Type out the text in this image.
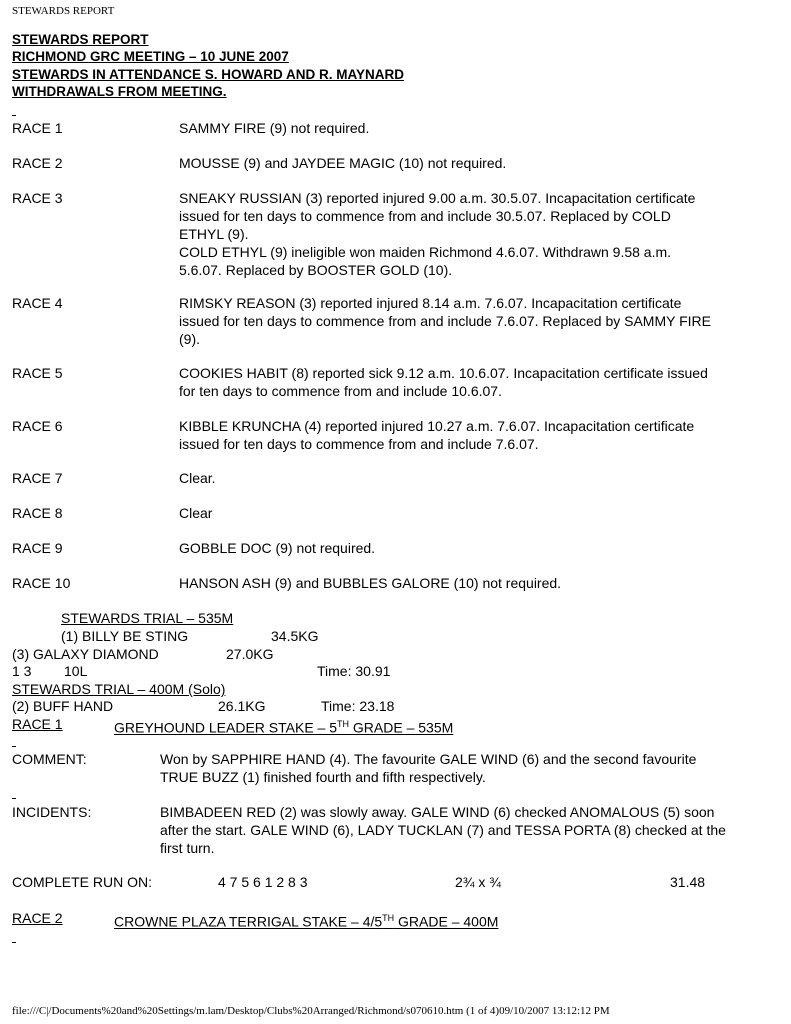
STEWARDS REPORT
STEWARDS REPORT
RICHMOND GRC MEETING – 10 JUNE 2007
STEWARDS IN ATTENDANCE S. HOWARD AND R. MAYNARD
WITHDRAWALS FROM MEETING.
RACE 1	SAMMY FIRE (9) not required.
RACE 2	MOUSSE (9) and JAYDEE MAGIC (10) not required.
RACE 3	SNEAKY RUSSIAN (3) reported injured 9.00 a.m. 30.5.07. Incapacitation certificate
issued for ten days to commence from and include 30.5.07. Replaced by COLD
ETHYL (9).
COLD ETHYL (9) ineligible won maiden Richmond 4.6.07. Withdrawn 9.58 a.m.
5.6.07. Replaced by BOOSTER GOLD (10).
RACE 4	RIMSKY REASON (3) reported injured 8.14 a.m. 7.6.07. Incapacitation certificate
issued for ten days to commence from and include 7.6.07. Replaced by SAMMY FIRE
(9).
RACE 5	COOKIES HABIT (8) reported sick 9.12 a.m. 10.6.07. Incapacitation certificate issued
for ten days to commence from and include 10.6.07.
RACE 6	KIBBLE KRUNCHA (4) reported injured 10.27 a.m. 7.6.07. Incapacitation certificate
issued for ten days to commence from and include 7.6.07.
RACE 7	Clear.
RACE 8	Clear
RACE 9	GOBBLE DOC (9) not required.
RACE 10	HANSON ASH (9) and BUBBLES GALORE (10) not required.
STEWARDS TRIAL – 535M
(1) BILLY BE STING	34.5KG
(3) GALAXY DIAMOND	27.0KG
1 3 10L	Time: 30.91
STEWARDS TRIAL – 400M (Solo)
(2) BUFF HAND	26.1KG	Time: 23.18
RACE 1
	GREYHOUND LEADER STAKE – 5TH GRADE – 535M
COMMENT:	Won by SAPPHIRE HAND (4). The favourite GALE WIND (6) and the second favourite
TRUE BUZZ (1) finished fourth and fifth respectively.
INCIDENTS:	BIMBADEEN RED (2) was slowly away. GALE WIND (6) checked ANOMALOUS (5) soon
after the start. GALE WIND (6), LADY TUCKLAN (7) and TESSA PORTA (8) checked at the
first turn.
COMPLETE RUN ON:	4 7 5 6 1 2 8 3	2¾ x ¾	31.48
RACE 2
	CROWNE PLAZA TERRIGAL STAKE – 4/5TH GRADE – 400M
file:///C|/Documents%20and%20Settings/m.lam/Desktop/Clubs%20Arranged/Richmond/s070610.htm (1 of 4)09/10/2007 13:12:12 PM
